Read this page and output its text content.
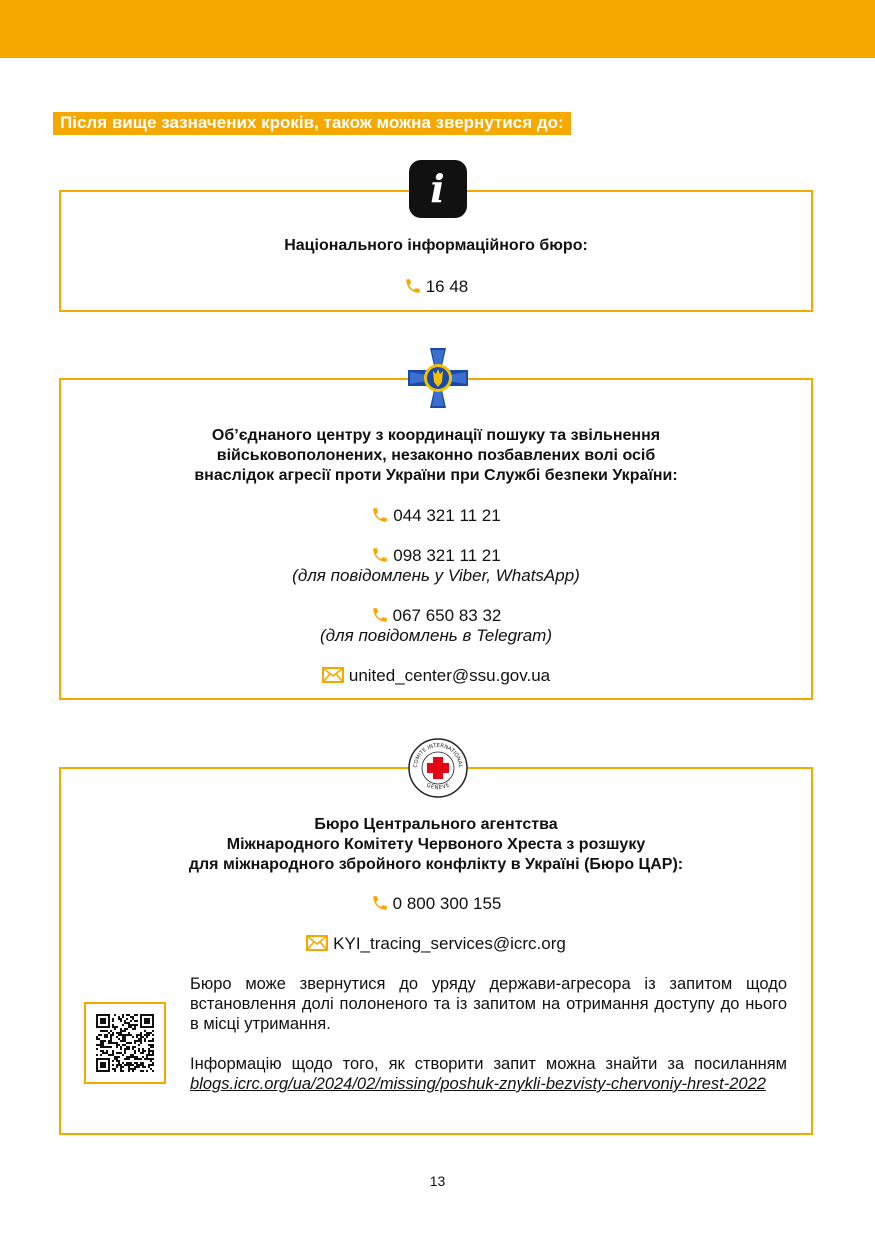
Після вище зазначених кроків, також можна звернутися до:
Національного інформаційного бюро:
16 48
i
Об’єднаного центру з координації пошуку та звільнення
військовополонених, незаконно позбавлених волі осіб
внаслідок агресії проти України при Службі безпеки України:
044 321 11 21
098 321 11 21
(для повідомлень у Viber, WhatsApp)
067 650 83 32
(для повідомлень в Telegram)
united_center@ssu.gov.ua
Бюро Центрального агентства
Міжнародного Комітету Червоного Хреста з розшуку
для міжнародного збройного конфлікту в Україні (Бюро ЦАР):
0 800 300 155
KYI_tracing_services@icrc.org
Бюро може звернутися до уряду держави-агресора із запитом щодо встановлення долі полоненого та із запитом на отримання доступу до нього в місці утримання.
Інформацію щодо того, як створити запит можна знайти за посиланням blogs.icrc.org/ua/2024/02/missing/poshuk-znykli-bezvisty-chervoniy-hrest-2022
COMITE INTERNATIONAL
GENEVE
13
